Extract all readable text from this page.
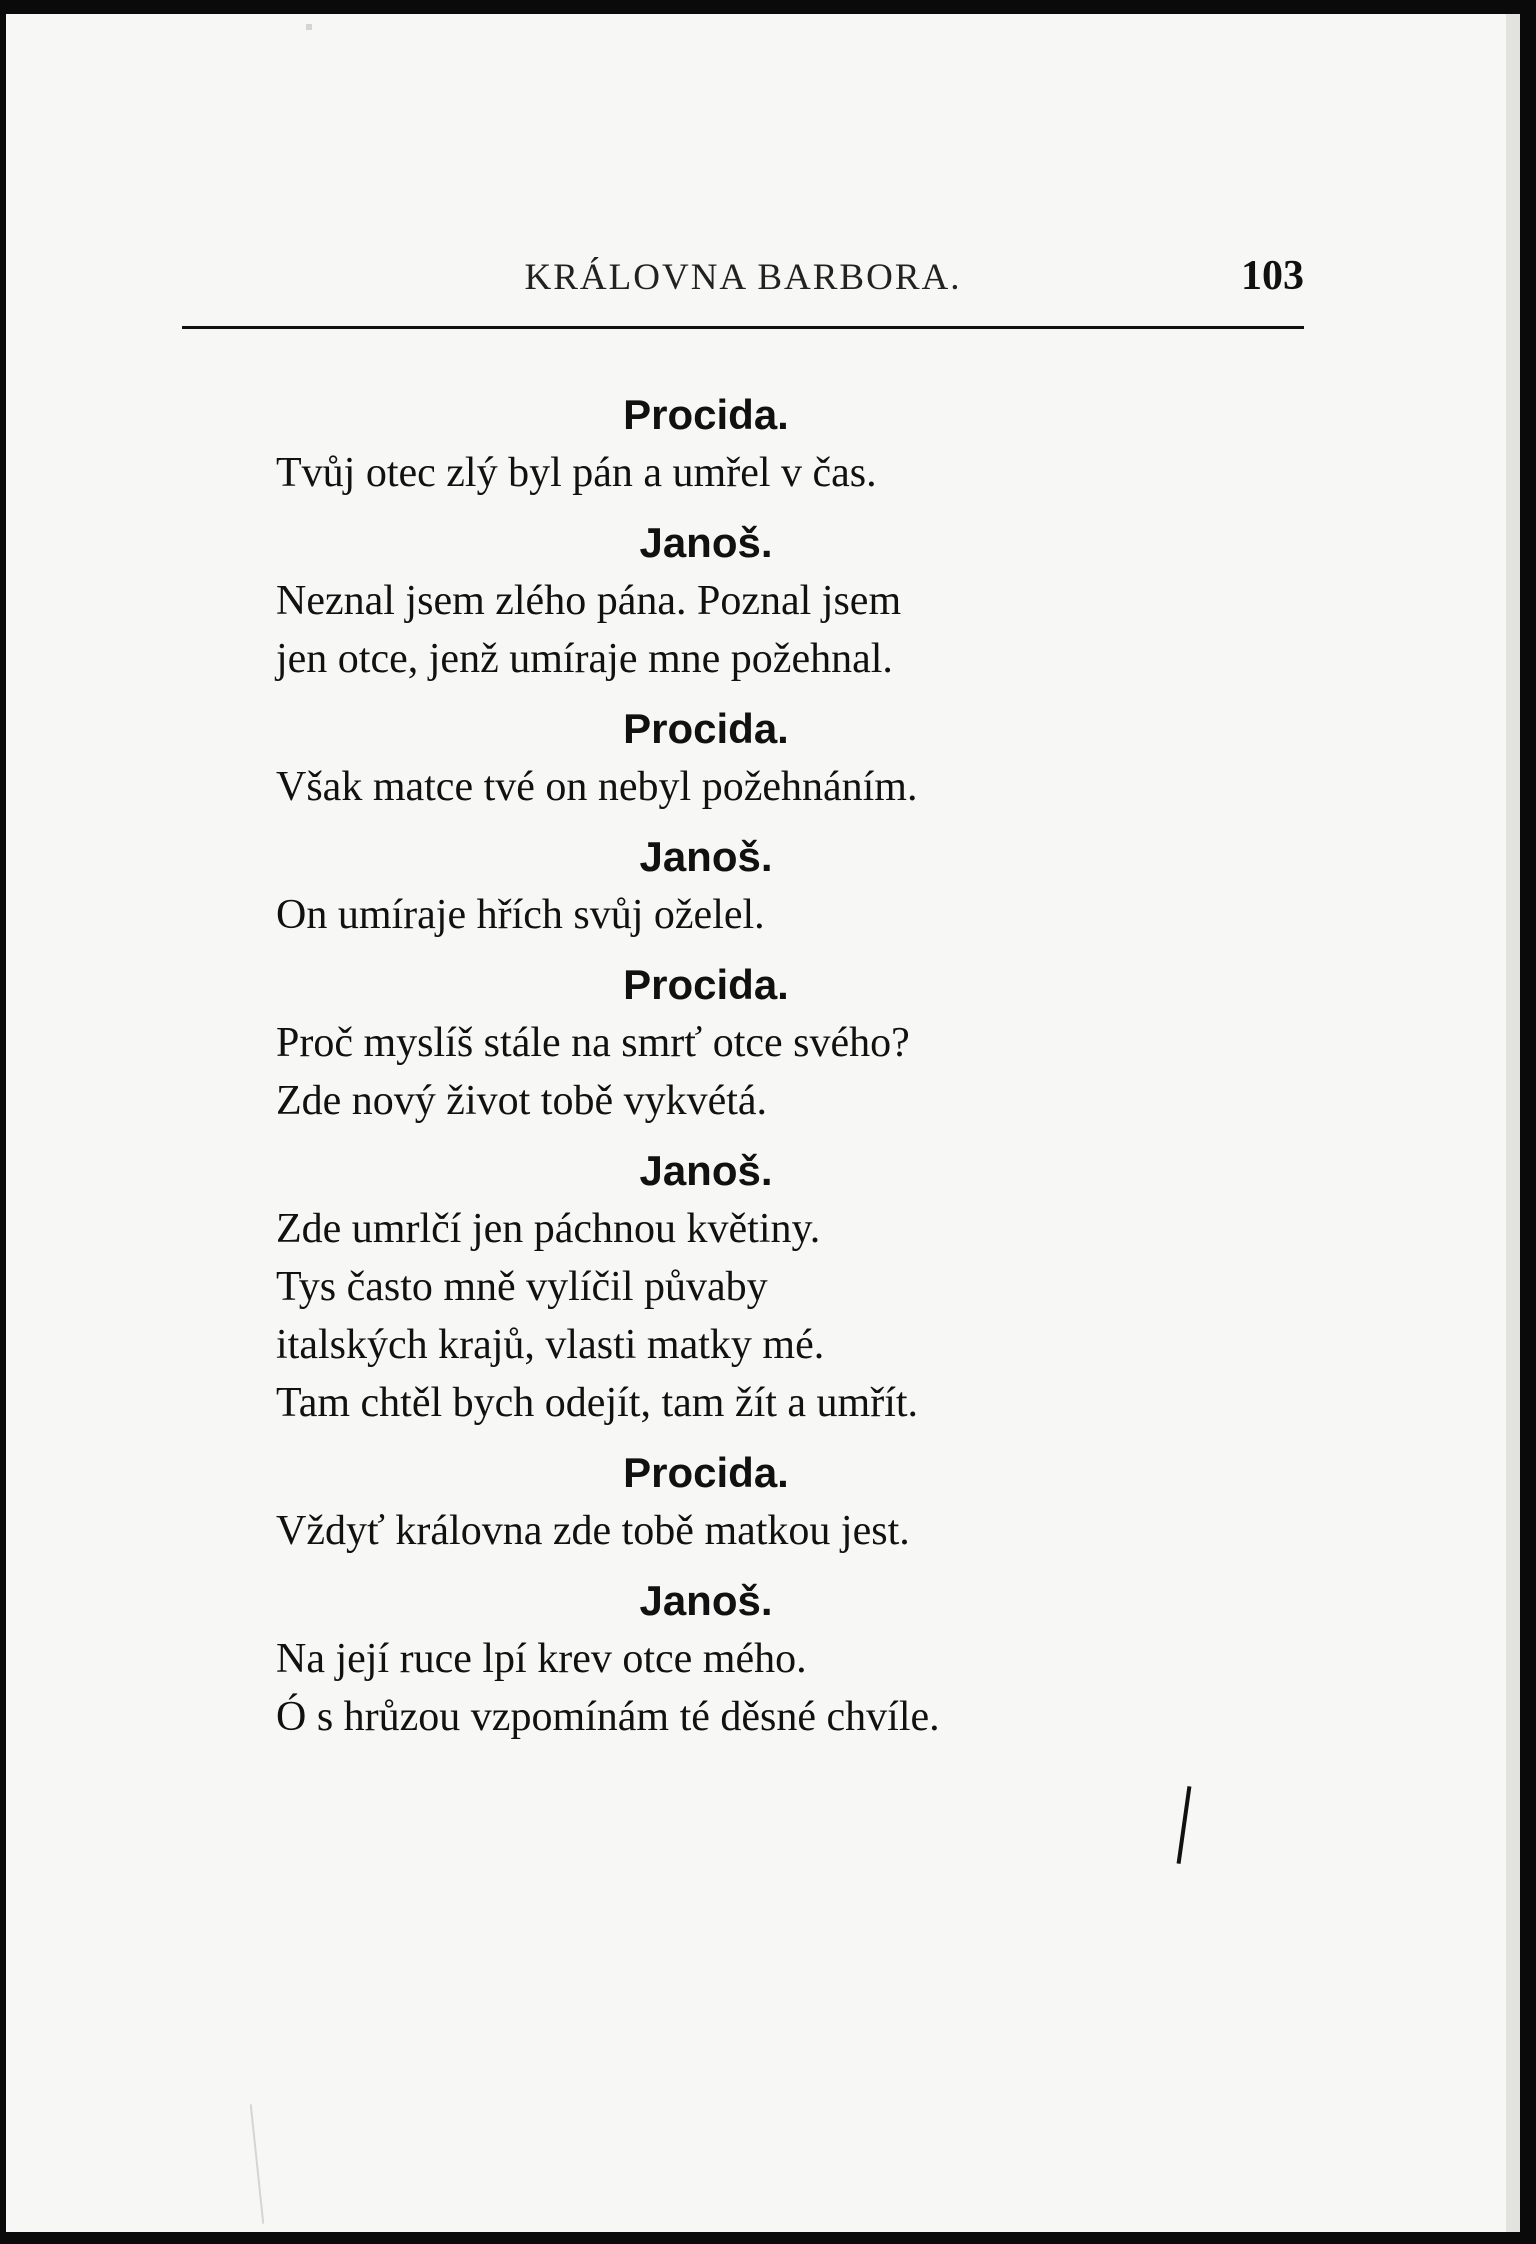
KRÁLOVNA BARBORA.	103
Procida.
Tvůj otec zlý byl pán a umřel v čas.
Janoš.
Neznal jsem zlého pána. Poznal jsem
jen otce, jenž umíraje mne požehnal.
Procida.
Však matce tvé on nebyl požehnáním.
Janoš.
On umíraje hřích svůj oželel.
Procida.
Proč myslíš stále na smrť otce svého?
Zde nový život tobě vykvétá.
Janoš.
Zde umrlčí jen páchnou květiny.
Tys často mně vylíčil půvaby
italských krajů, vlasti matky mé.
Tam chtěl bych odejít, tam žít a umřít.
Procida.
Vždyť královna zde tobě matkou jest.
Janoš.
Na její ruce lpí krev otce mého.
Ó s hrůzou vzpomínám té děsné chvíle.
